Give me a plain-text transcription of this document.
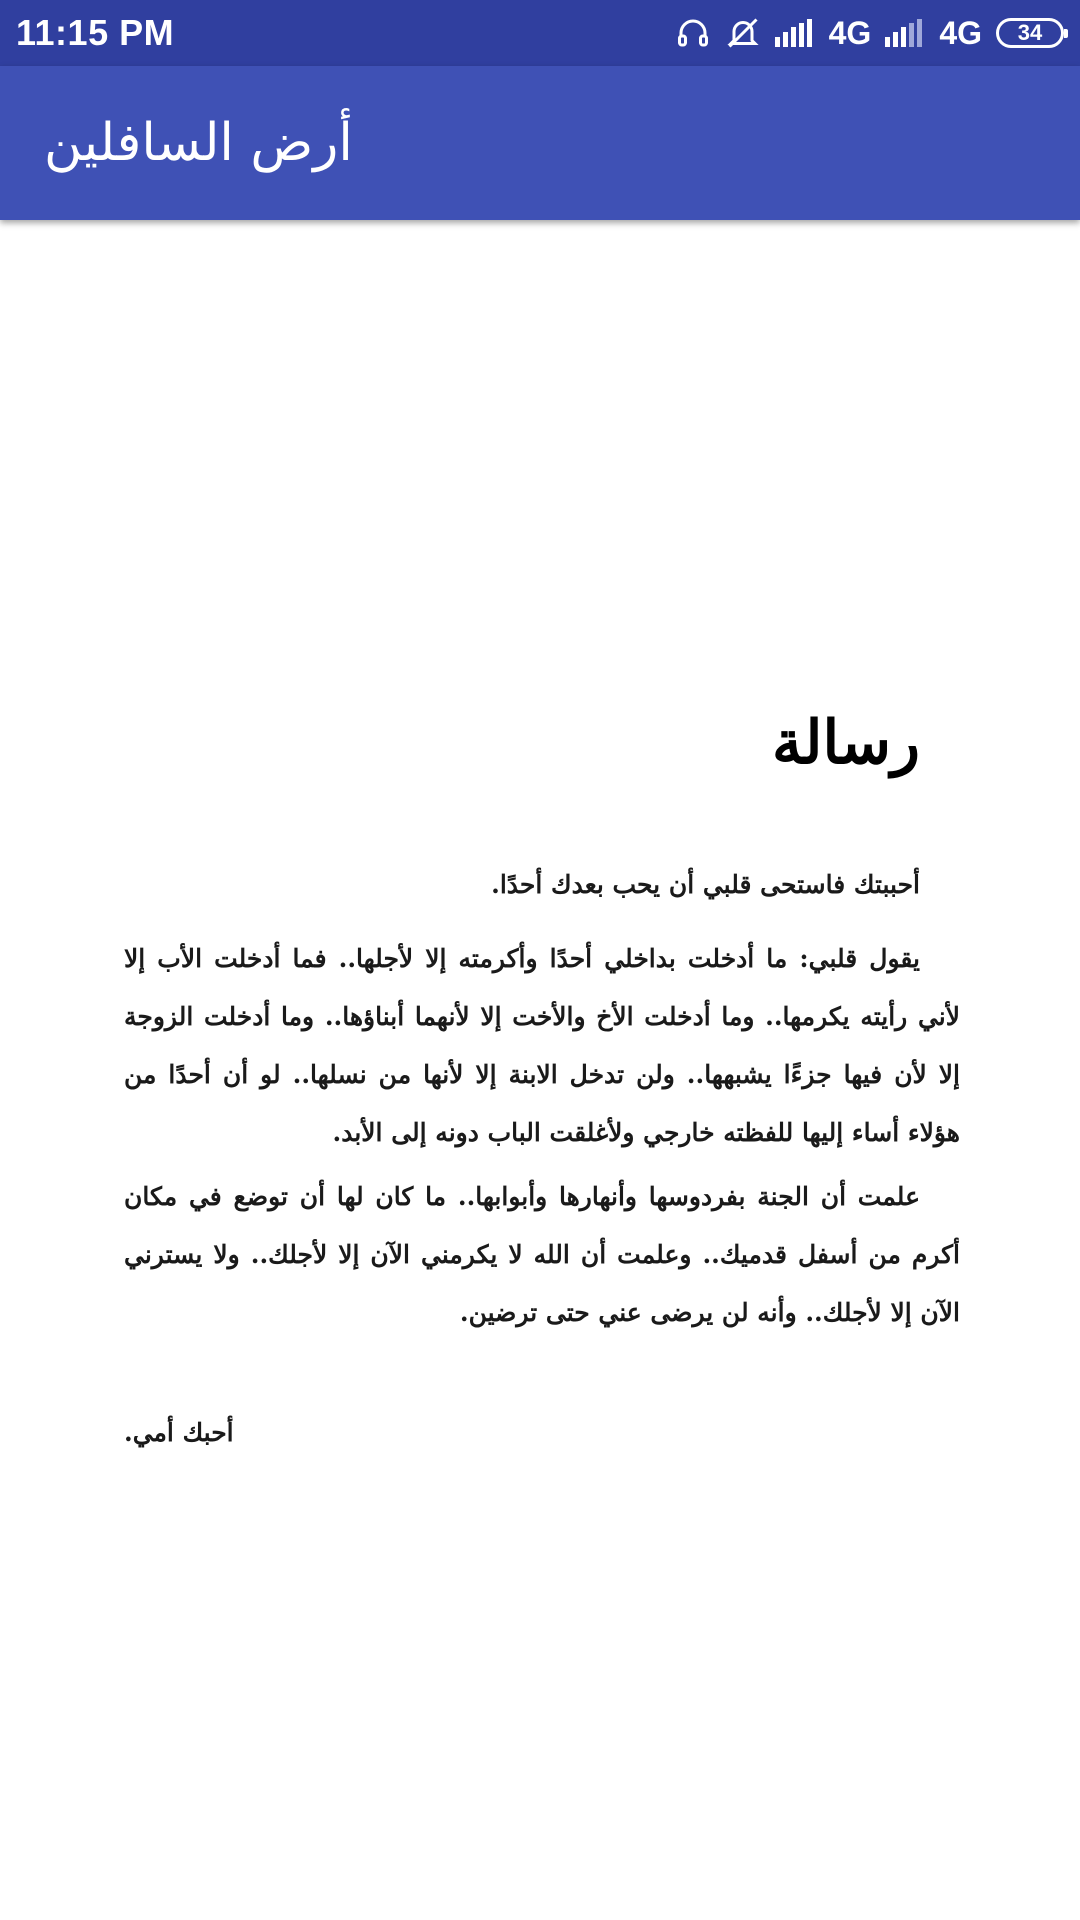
11:15 PM	4G 4G	34
أرض السافلين
رسالة

أحببتك فاستحى قلبي أن يحب بعدك أحدًا.

يقول قلبي: ما أدخلت بداخلي أحدًا وأكرمته إلا لأجلها.. فما أدخلت الأب إلا لأني رأيته يكرمها.. وما أدخلت الأخ والأخت إلا لأنهما أبناؤها.. وما أدخلت الزوجة إلا لأن فيها جزءًا يشبهها.. ولن تدخل الابنة إلا لأنها من نسلها.. لو أن أحدًا من هؤلاء أساء إليها للفظته خارجي ولأغلقت الباب دونه إلى الأبد.

علمت أن الجنة بفردوسها وأنهارها وأبوابها.. ما كان لها أن توضع في مكان أكرم من أسفل قدميك.. وعلمت أن الله لا يكرمني الآن إلا لأجلك.. ولا يسترني الآن إلا لأجلك.. وأنه لن يرضى عني حتى ترضين.

أحبك أمي.
